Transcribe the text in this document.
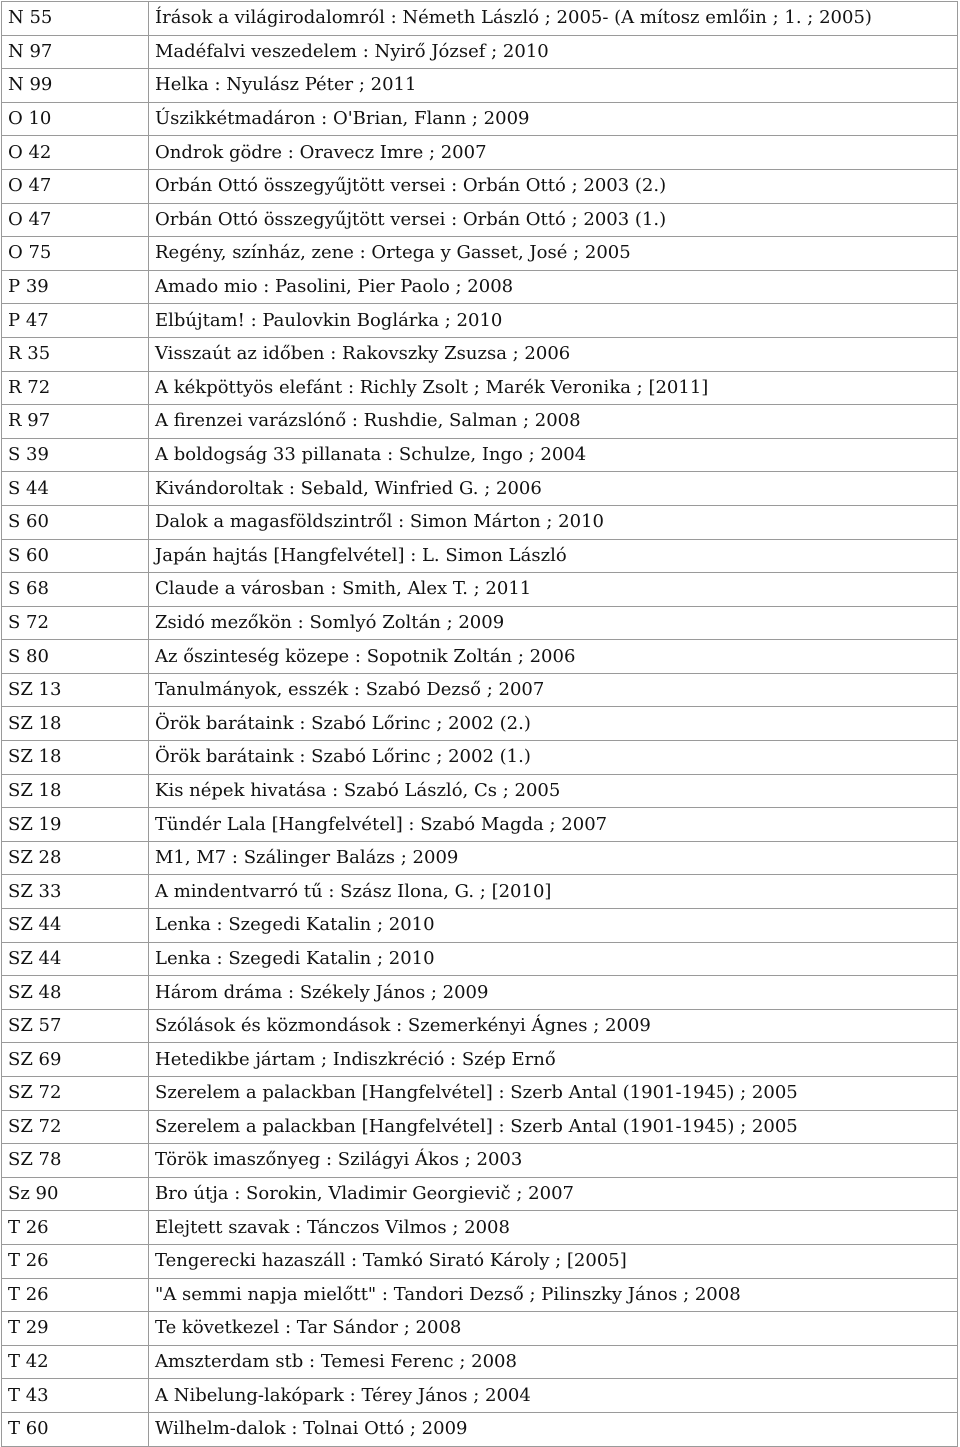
N 55	Írások a világirodalomról : Németh László ; 2005- (A mítosz emlőin ; 1. ; 2005)
N 97	Madéfalvi veszedelem : Nyirő József ; 2010
N 99	Helka : Nyulász Péter ; 2011
O 10	Úszikkétmadáron : O'Brian, Flann ; 2009
O 42	Ondrok gödre : Oravecz Imre ; 2007
O 47	Orbán Ottó összegyűjtött versei : Orbán Ottó ; 2003 (2.)
O 47	Orbán Ottó összegyűjtött versei : Orbán Ottó ; 2003 (1.)
O 75	Regény, színház, zene : Ortega y Gasset, José ; 2005
P 39	Amado mio : Pasolini, Pier Paolo ; 2008
P 47	Elbújtam! : Paulovkin Boglárka ; 2010
R 35	Visszaút az időben : Rakovszky Zsuzsa ; 2006
R 72	A kékpöttyös elefánt : Richly Zsolt ; Marék Veronika ; [2011]
R 97	A firenzei varázslónő : Rushdie, Salman ; 2008
S 39	A boldogság 33 pillanata : Schulze, Ingo ; 2004
S 44	Kivándoroltak : Sebald, Winfried G. ; 2006
S 60	Dalok a magasföldszintről : Simon Márton ; 2010
S 60	Japán hajtás [Hangfelvétel] : L. Simon László
S 68	Claude a városban : Smith, Alex T. ; 2011
S 72	Zsidó mezőkön : Somlyó Zoltán ; 2009
S 80	Az őszinteség közepe : Sopotnik Zoltán ; 2006
SZ 13	Tanulmányok, esszék : Szabó Dezső ; 2007
SZ 18	Örök barátaink : Szabó Lőrinc ; 2002 (2.)
SZ 18	Örök barátaink : Szabó Lőrinc ; 2002 (1.)
SZ 18	Kis népek hivatása : Szabó László, Cs ; 2005
SZ 19	Tündér Lala [Hangfelvétel] : Szabó Magda ; 2007
SZ 28	M1, M7 : Szálinger Balázs ; 2009
SZ 33	A mindentvarró tű : Szász Ilona, G. ; [2010]
SZ 44	Lenka : Szegedi Katalin ; 2010
SZ 44	Lenka : Szegedi Katalin ; 2010
SZ 48	Három dráma : Székely János ; 2009
SZ 57	Szólások és közmondások : Szemerkényi Ágnes ; 2009
SZ 69	Hetedikbe jártam ; Indiszkréció : Szép Ernő
SZ 72	Szerelem a palackban [Hangfelvétel] : Szerb Antal (1901-1945) ; 2005
SZ 72	Szerelem a palackban [Hangfelvétel] : Szerb Antal (1901-1945) ; 2005
SZ 78	Török imaszőnyeg : Szilágyi Ákos ; 2003
Sz 90	Bro útja : Sorokin, Vladimir Georgievič ; 2007
T 26	Elejtett szavak : Tánczos Vilmos ; 2008
T 26	Tengerecki hazaszáll : Tamkó Sirató Károly ; [2005]
T 26	"A semmi napja mielőtt" : Tandori Dezső ; Pilinszky János ; 2008
T 29	Te következel : Tar Sándor ; 2008
T 42	Amszterdam stb : Temesi Ferenc ; 2008
T 43	A Nibelung-lakópark : Térey János ; 2004
T 60	Wilhelm-dalok : Tolnai Ottó ; 2009
